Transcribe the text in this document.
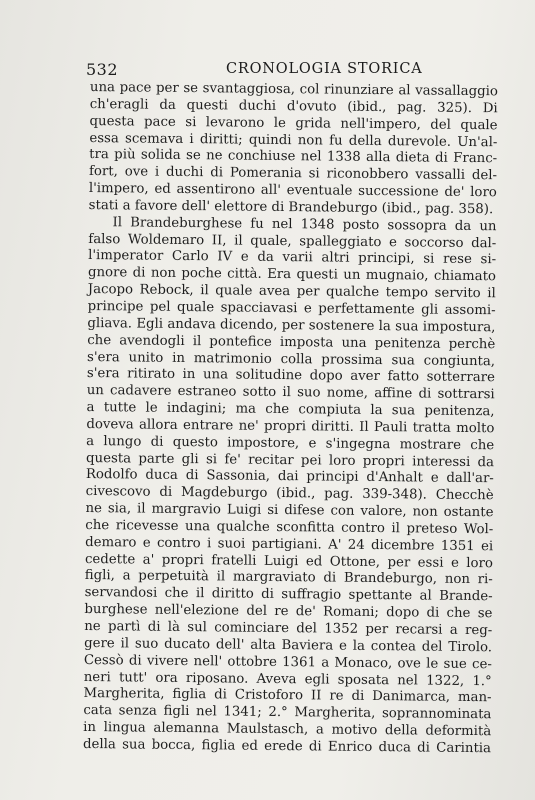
532	CRONOLOGIA STORICA
una pace per se svantaggiosa, col rinunziare al vassallaggio
ch'eragli da questi duchi d'ovuto (ibid., pag. 325). Di
questa pace si levarono le grida nell'impero, del quale
essa scemava i diritti; quindi non fu della durevole. Un'al-
tra più solida se ne conchiuse nel 1338 alla dieta di Franc-
fort, ove i duchi di Pomerania si riconobbero vassalli del-
l'impero, ed assentirono all' eventuale successione de' loro
stati a favore dell' elettore di Brandeburgo (ibid., pag. 358).
Il Brandeburghese fu nel 1348 posto sossopra da un
falso Woldemaro II, il quale, spalleggiato e soccorso dal-
l'imperator Carlo IV e da varii altri principi, si rese si-
gnore di non poche città. Era questi un mugnaio, chiamato
Jacopo Rebock, il quale avea per qualche tempo servito il
principe pel quale spacciavasi e perfettamente gli assomi-
gliava. Egli andava dicendo, per sostenere la sua impostura,
che avendogli il pontefice imposta una penitenza perchè
s'era unito in matrimonio colla prossima sua congiunta,
s'era ritirato in una solitudine dopo aver fatto sotterrare
un cadavere estraneo sotto il suo nome, affine di sottrarsi
a tutte le indagini; ma che compiuta la sua penitenza,
doveva allora entrare ne' propri diritti. Il Pauli tratta molto
a lungo di questo impostore, e s'ingegna mostrare che
questa parte gli si fe' recitar pei loro propri interessi da
Rodolfo duca di Sassonia, dai principi d'Anhalt e dall'ar-
civescovo di Magdeburgo (ibid., pag. 339-348). Checchè
ne sia, il margravio Luigi si difese con valore, non ostante
che ricevesse una qualche sconfitta contro il preteso Wol-
demaro e contro i suoi partigiani. A' 24 dicembre 1351 ei
cedette a' propri fratelli Luigi ed Ottone, per essi e loro
figli, a perpetuità il margraviato di Brandeburgo, non ri-
servandosi che il diritto di suffragio spettante al Brande-
burghese nell'elezione del re de' Romani; dopo di che se
ne partì di là sul cominciare del 1352 per recarsi a reg-
gere il suo ducato dell' alta Baviera e la contea del Tirolo.
Cessò di vivere nell' ottobre 1361 a Monaco, ove le sue ce-
neri tutt' ora riposano. Aveva egli sposata nel 1322, 1.°
Margherita, figlia di Cristoforo II re di Danimarca, man-
cata senza figli nel 1341; 2.° Margherita, soprannominata
in lingua alemanna Maulstasch, a motivo della deformità
della sua bocca, figlia ed erede di Enrico duca di Carintia
